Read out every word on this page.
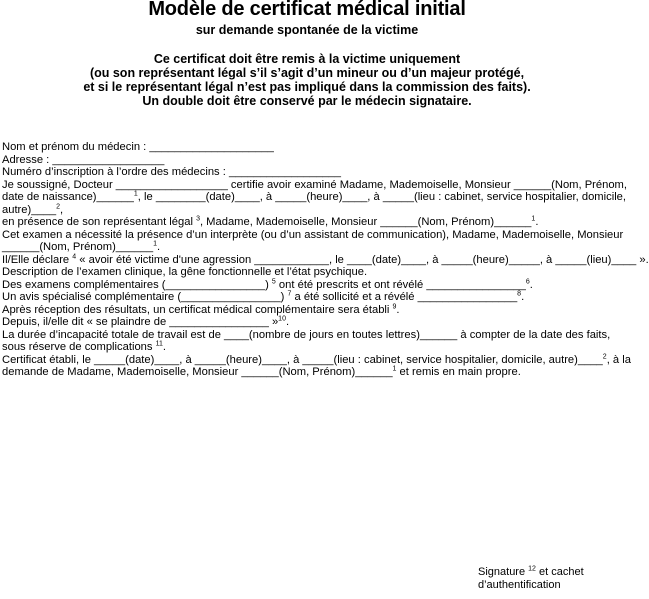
Modèle de certificat médical initial
sur demande spontanée de la victime
Ce certificat doit être remis à la victime uniquement
(ou son représentant légal s’il s’agit d’un mineur ou d’un majeur protégé,
et si le représentant légal n’est pas impliqué dans la commission des faits).
Un double doit être conservé par le médecin signataire.

Nom et prénom du médecin : ____________________
Adresse : __________________
Numéro d’inscription à l’ordre des médecins : __________________

Je soussigné, Docteur __________________ certifie avoir examiné Madame, Mademoiselle, Monsieur ______(Nom, Prénom,
date de naissance)______$^1$, le ________(date)____, à _____(heure)____, à _____(lieu : cabinet, service hospitalier, domicile,
autre)____$^2$,

en présence de son représentant légal $^3$, Madame, Mademoiselle, Monsieur ______(Nom, Prénom)______$^1$.

Cet examen a nécessité la présence d’un interprète (ou d’un assistant de communication), Madame, Mademoiselle, Monsieur
______(Nom, Prénom)______$^1$.

Il/Elle déclare $^4$ « avoir été victime d'une agression ____________, le ____(date)____, à _____(heure)_____, à _____(lieu)____ ».

Description de l’examen clinique, la gêne fonctionnelle et l’état psychique.

Des examens complémentaires (________________) $^5$ ont été prescrits et ont révélé ________________$^6$.

Un avis spécialisé complémentaire (________________) $^7$ a été sollicité et a révélé ________________$^8$.

Après réception des résultats, un certificat médical complémentaire sera établi $^9$.

Depuis, il/elle dit « se plaindre de ________________ »$^{10}$.

La durée d’incapacité totale de travail est de ____(nombre de jours en toutes lettres)______ à compter de la date des faits,
sous réserve de complications $^{11}$.

Certificat établi, le _____(date)____, à _____(heure)____, à _____(lieu : cabinet, service hospitalier, domicile, autre)____$^2$, à la
demande de Madame, Mademoiselle, Monsieur ______(Nom, Prénom)______$^1$ et remis en main propre.

Signature $^{12}$ et cachet
d’authentification
